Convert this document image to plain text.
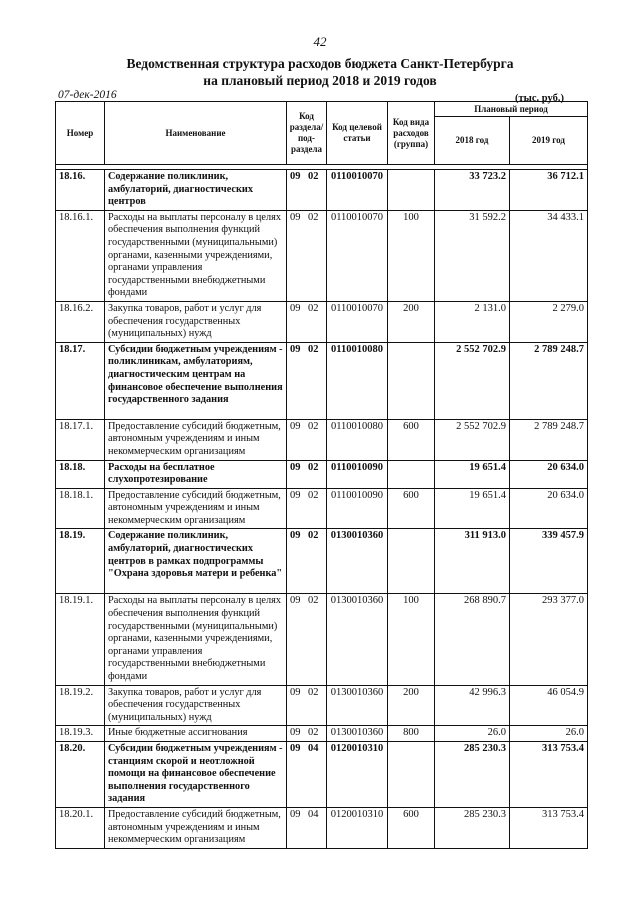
42
Ведомственная структура расходов бюджета Санкт-Петербурга
на плановый период 2018 и 2019 годов
07-дек-2016	(тыс. руб.)
Номер	Наименование	Код раздела/ под-раздела	Код целевой статьи	Код вида расходов (группа)	Плановый период	
					2018 год	2019 год

18.16.	Содержание поликлиник, амбулаторий, диагностических центров	09 02	0110010070		33 723.2	36 712.1
18.16.1.	Расходы на выплаты персоналу в целях обеспечения выполнения функций государственными (муниципальными) органами, казенными учреждениями, органами управления государственными внебюджетными фондами	09 02	0110010070	100	31 592.2	34 433.1
18.16.2.	Закупка товаров, работ и услуг для обеспечения государственных (муниципальных) нужд	09 02	0110010070	200	2 131.0	2 279.0
18.17.	Субсидии бюджетным учреждениям - поликлиникам, амбулаториям, диагностическим центрам на финансовое обеспечение выполнения государственного задания	09 02	0110010080		2 552 702.9	2 789 248.7
18.17.1.	Предоставление субсидий бюджетным, автономным учреждениям и иным некоммерческим организациям	09 02	0110010080	600	2 552 702.9	2 789 248.7
18.18.	Расходы на бесплатное слухопротезирование	09 02	0110010090		19 651.4	20 634.0
18.18.1.	Предоставление субсидий бюджетным, автономным учреждениям и иным некоммерческим организациям	09 02	0110010090	600	19 651.4	20 634.0
18.19.	Содержание поликлиник, амбулаторий, диагностических центров в рамках подпрограммы "Охрана здоровья матери и ребенка"	09 02	0130010360		311 913.0	339 457.9
18.19.1.	Расходы на выплаты персоналу в целях обеспечения выполнения функций государственными (муниципальными) органами, казенными учреждениями, органами управления государственными внебюджетными фондами	09 02	0130010360	100	268 890.7	293 377.0
18.19.2.	Закупка товаров, работ и услуг для обеспечения государственных (муниципальных) нужд	09 02	0130010360	200	42 996.3	46 054.9
18.19.3.	Иные бюджетные ассигнования	09 02	0130010360	800	26.0	26.0
18.20.	Субсидии бюджетным учреждениям - станциям скорой и неотложной помощи на финансовое обеспечение выполнения государственного задания	09 04	0120010310		285 230.3	313 753.4
18.20.1.	Предоставление субсидий бюджетным, автономным учреждениям и иным некоммерческим организациям	09 04	0120010310	600	285 230.3	313 753.4
